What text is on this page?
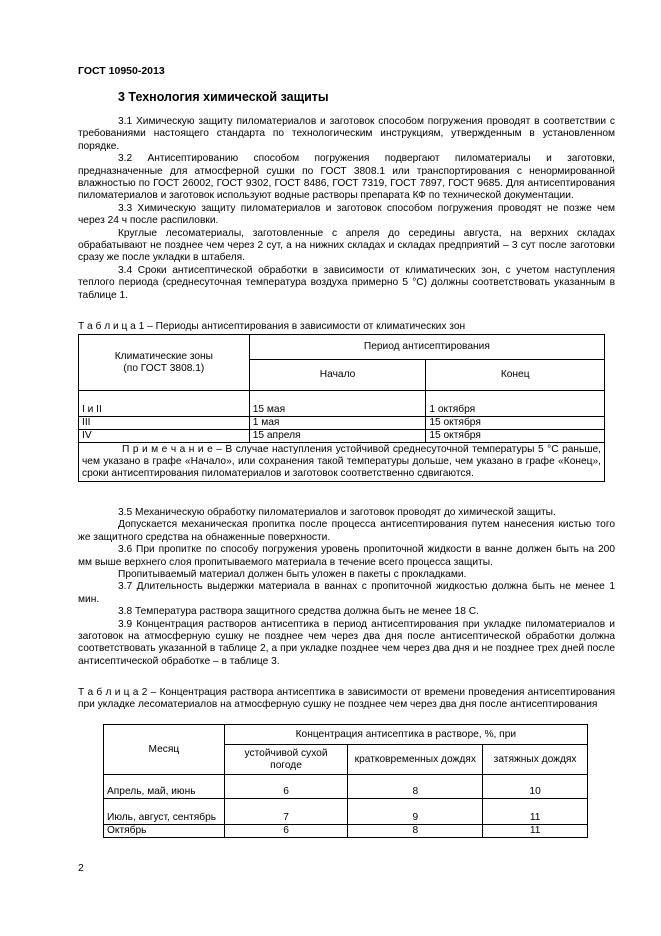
ГОСТ 10950-2013
3 Технология химической защиты

3.1 Химическую защиту пиломатериалов и заготовок способом погружения проводят в соответствии с требованиями настоящего стандарта по технологическим инструкциям, утвержденным в установленном порядке.

3.2 Антисептированию способом погружения подвергают пиломатериалы и заготовки, предназначенные для атмосферной сушки по ГОСТ 3808.1 или транспортирования с ненормированной влажностью по ГОСТ 26002, ГОСТ 9302, ГОСТ 8486, ГОСТ 7319, ГОСТ 7897, ГОСТ 9685. Для антисептирования пиломатериалов и заготовок используют водные растворы препарата КФ по технической документации.

3.3 Химическую защиту пиломатериалов и заготовок способом погружения проводят не позже чем через 24 ч после распиловки.

Круглые лесоматериалы, заготовленные с апреля до середины августа, на верхних складах обрабатывают не позднее чем через 2 сут, а на нижних складах и складах предприятий – 3 сут после заготовки сразу же после укладки в штабеля.

3.4 Сроки антисептической обработки в зависимости от климатических зон, с учетом наступления теплого периода (среднесуточная температура воздуха примерно 5 °С) должны соответствовать указанным в таблице 1.

Т а б л и ц а 1 – Периоды антисептирования в зависимости от климатических зон
Климатические зоны
(по ГОСТ 3808.1)	Период антисептирования	
	Начало	Конец
I и II	15 мая	1 октября
III	1 мая	15 октября
IV	15 апреля	15 октября
П р и м е ч а н и е – В случае наступления устойчивой среднесуточной температуры 5 °С раньше, чем указано в графе «Начало», или сохранения такой температуры дольше, чем указано в графе «Конец», сроки антисептирования пиломатериалов и заготовок соответственно сдвигаются.		

3.5 Механическую обработку пиломатериалов и заготовок проводят до химической защиты.

Допускается механическая пропитка после процесса антисептирования путем нанесения кистью того же защитного средства на обнаженные поверхности.

3.6 При пропитке по способу погружения уровень пропиточной жидкости в ванне должен быть на 200 мм выше верхнего слоя пропитываемого материала в течение всего процесса защиты.

Пропитываемый материал должен быть уложен в пакеты с прокладками.

3.7 Длительность выдержки материала в ваннах с пропиточной жидкостью должна быть не менее 1 мин.

3.8 Температура раствора защитного средства должна быть не менее 18 С.

3.9 Концентрация растворов антисептика в период антисептирования при укладке пиломатериалов и заготовок на атмосферную сушку не позднее чем через два дня после антисептической обработки должна соответствовать указанной в таблице 2, а при укладке позднее чем через два дня и не позднее трех дней после антисептической обработке – в таблице 3.

Т а б л и ц а 2 – Концентрация раствора антисептика в зависимости от времени проведения антисептирования при укладке лесоматериалов на атмосферную сушку не позднее чем через два дня после антисептирования
Месяц	Концентрация антисептика в растворе, %, при		
	устойчивой сухой погоде	кратковременных дождях	затяжных дождях
Апрель, май, июнь	6	8	10
Июль, август, сентябрь	7	9	11
Октябрь	6	8	11
2
